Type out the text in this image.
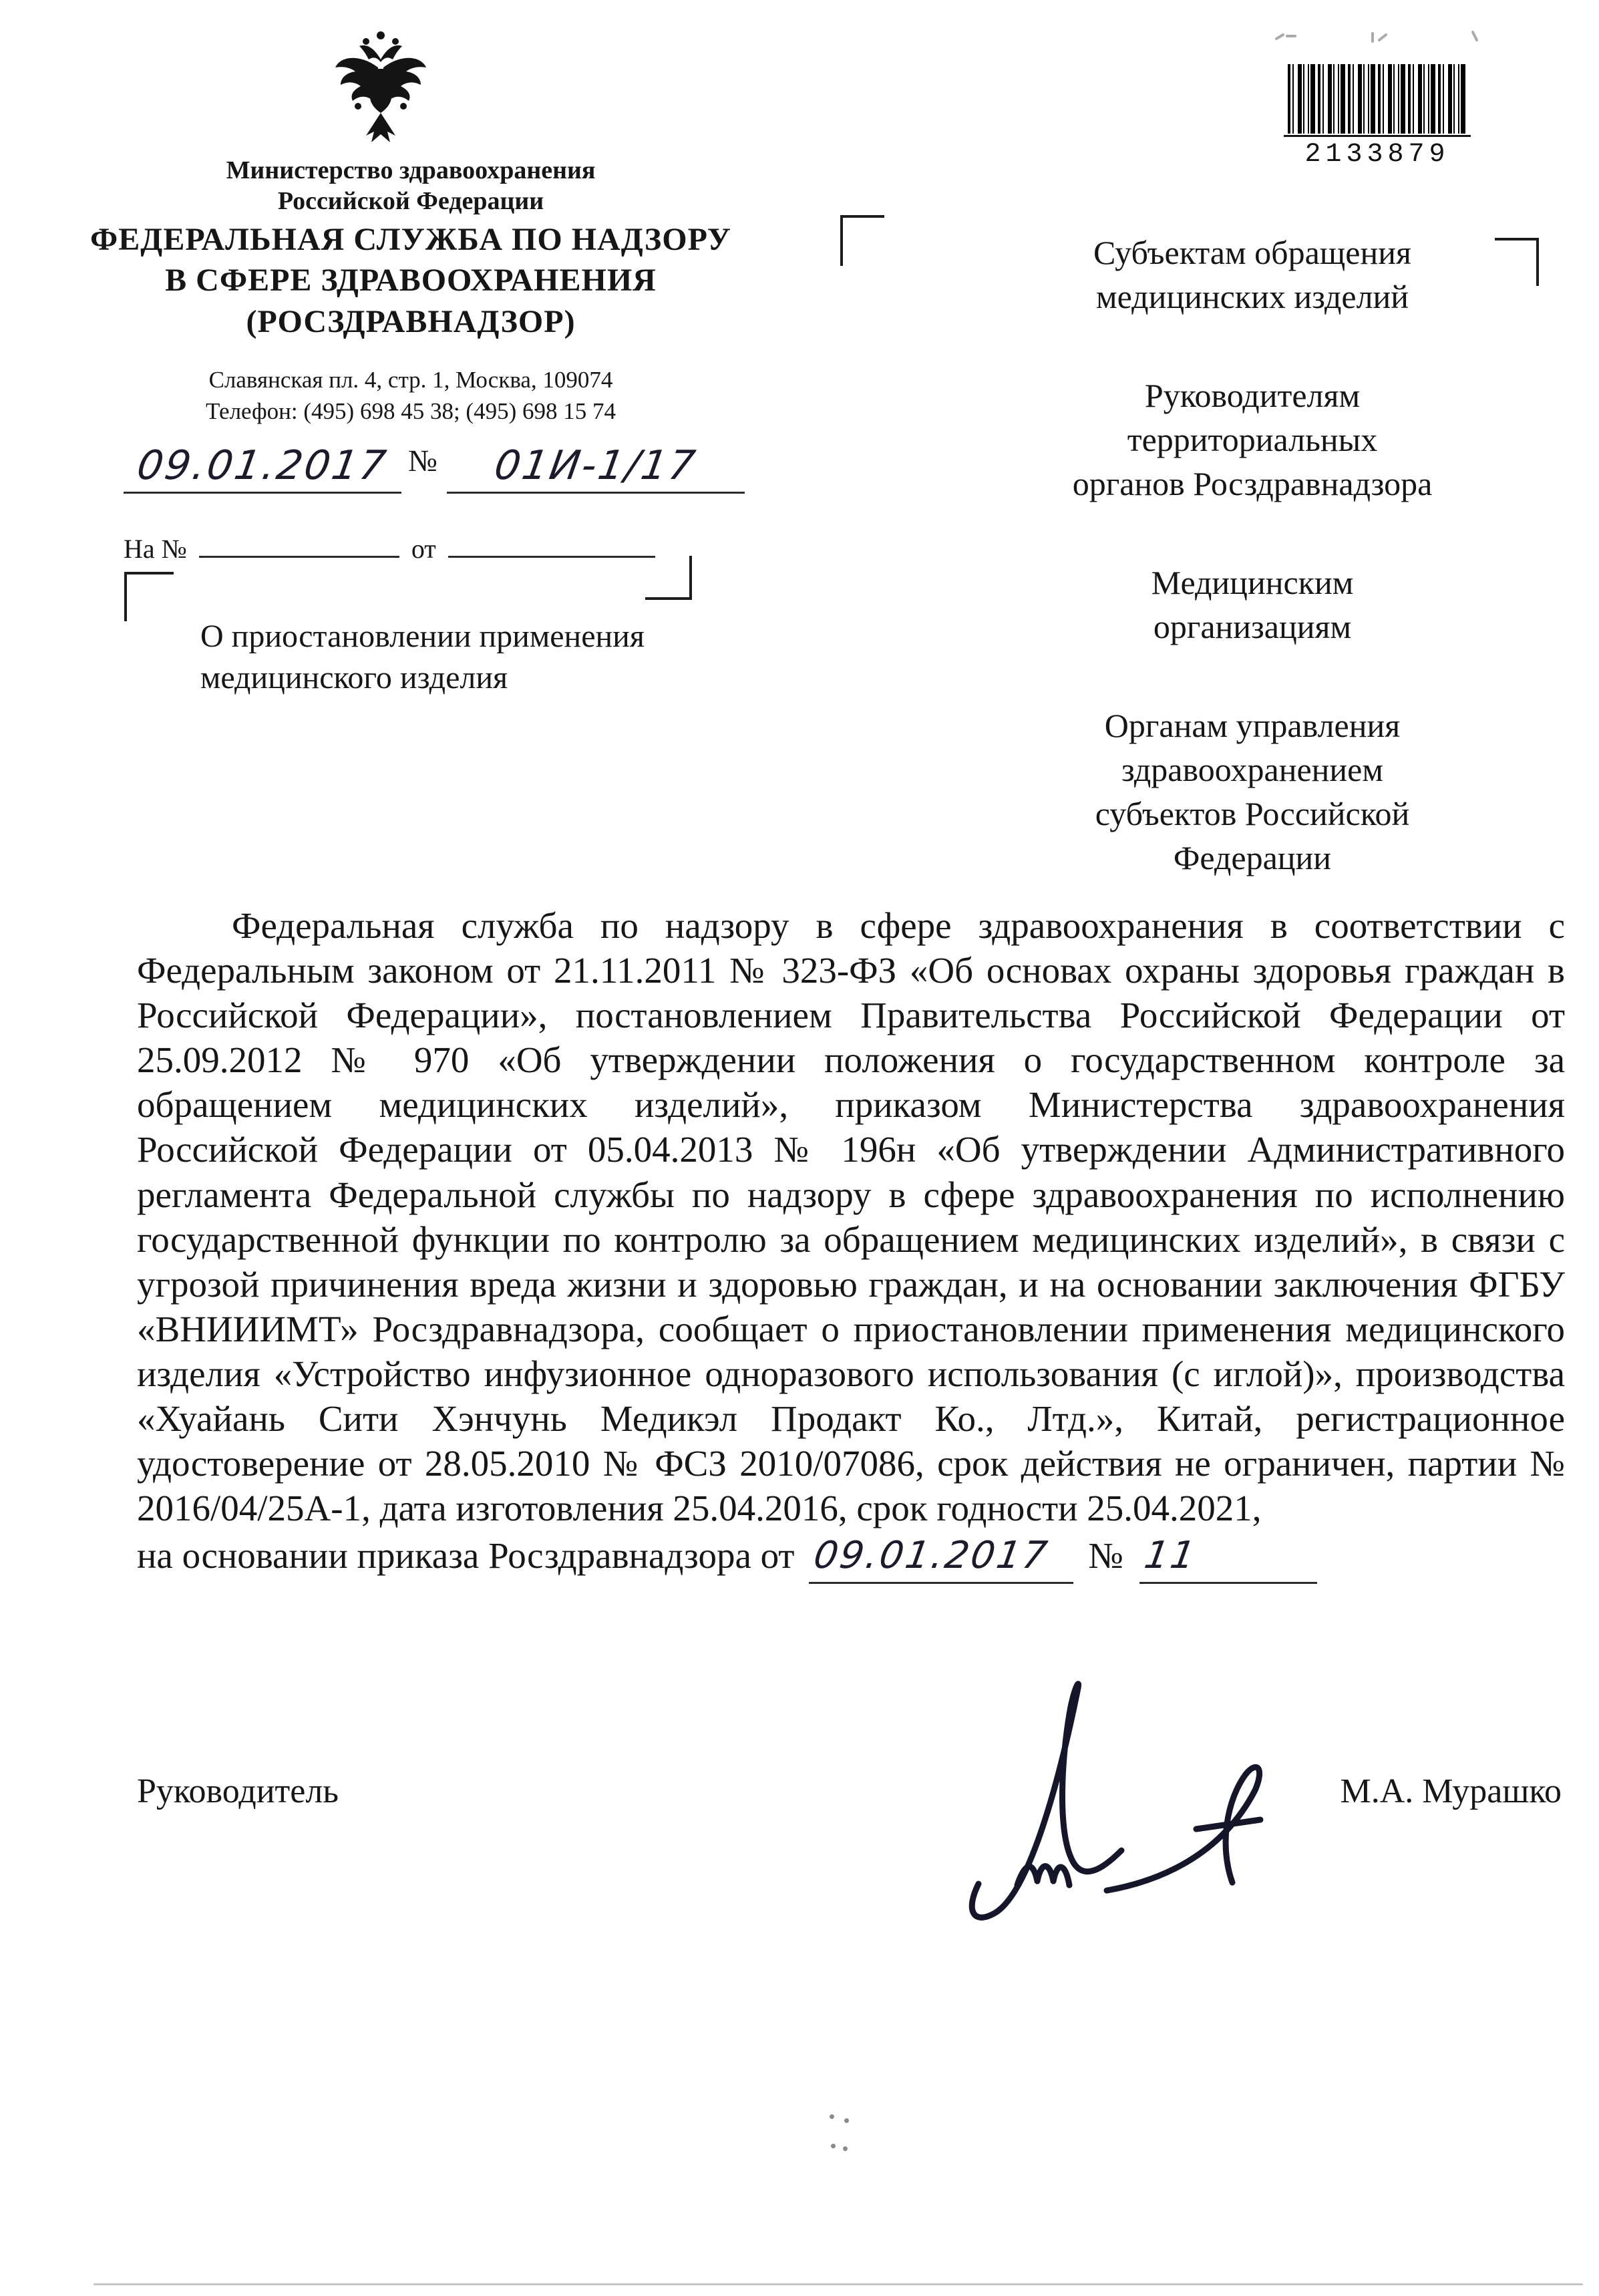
Министерство здравоохранения
Российской Федерации
ФЕДЕРАЛЬНАЯ СЛУЖБА ПО НАДЗОРУ
В СФЕРЕ ЗДРАВООХРАНЕНИЯ
(РОСЗДРАВНАДЗОР)
Славянская пл. 4, стр. 1, Москва, 109074
Телефон: (495) 698 45 38; (495) 698 15 74
09.01.2017 № 01И-1/17
На №	от
О приостановлении применения
медицинского изделия
2133879
Субъектам обращения
медицинских изделий
Руководителям
территориальных
органов Росздравнадзора
Медицинским
организациям
Органам управления
здравоохранением
субъектов Российской
Федерации
Федеральная служба по надзору в сфере здравоохранения в соответствии с Федеральным законом от 21.11.2011 № 323-ФЗ «Об основах охраны здоровья граждан в Российской Федерации», постановлением Правительства Российской Федерации от 25.09.2012 № 970 «Об утверждении положения о государственном контроле за обращением медицинских изделий», приказом Министерства здравоохранения Российской Федерации от 05.04.2013 № 196н «Об утверждении Административного регламента Федеральной службы по надзору в сфере здравоохранения по исполнению государственной функции по контролю за обращением медицинских изделий», в связи с угрозой причинения вреда жизни и здоровью граждан, и на основании заключения ФГБУ «ВНИИИМТ» Росздравнадзора, сообщает о приостановлении применения медицинского изделия «Устройство инфузионное одноразового использования (с иглой)», производства «Хуайань Сити Хэнчунь Медикэл Продакт Ко., Лтд.», Китай, регистрационное удостоверение от 28.05.2010 № ФСЗ 2010/07086, срок действия не ограничен, партии № 2016/04/25А-1, дата изготовления 25.04.2016, срок годности 25.04.2021,
на основании приказа Росздравнадзора от 09.01.2017 № 11
Руководитель	М.А. Мурашко
